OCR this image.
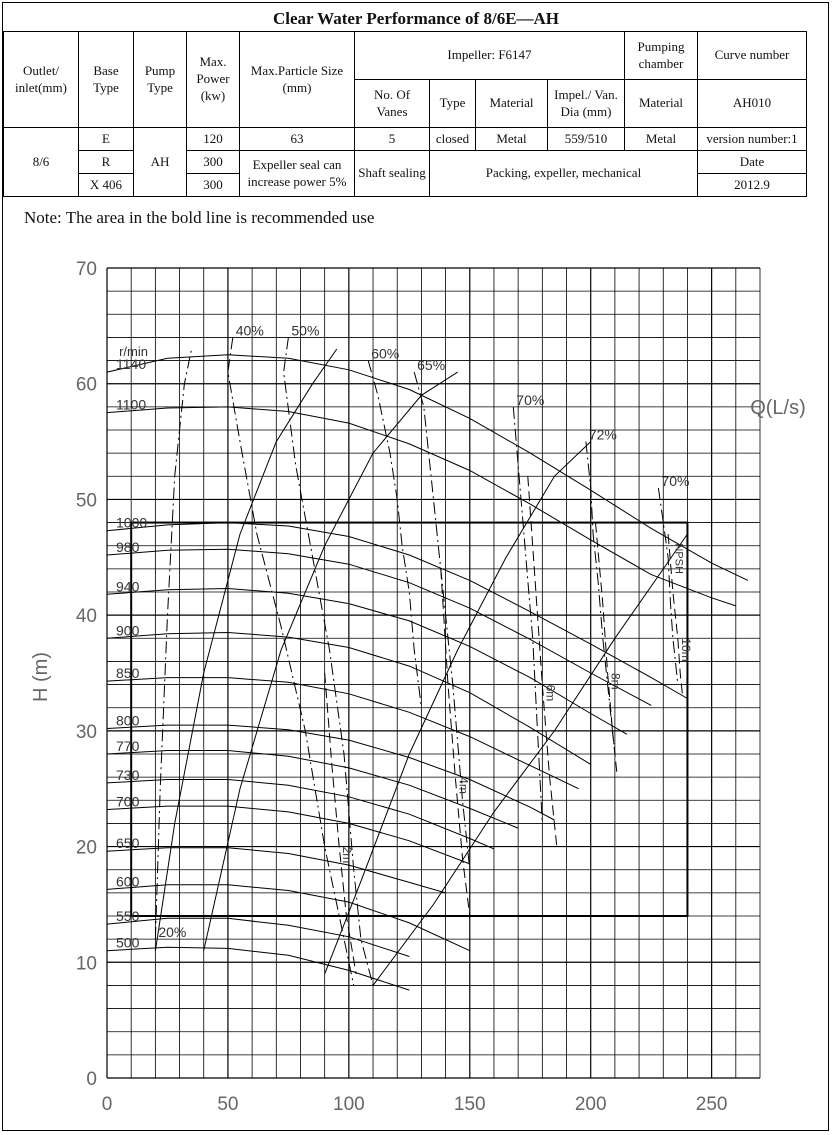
Clear Water Performance of 8/6E—AH
Outlet/ inlet(mm)	Base Type	Pump Type	Max. Power (kw)	Max.Particle Size (mm)	Impeller: F6147				Pumping chamber	Curve number
					No. Of Vanes	Type	Material	Impel./ Van. Dia (mm)	Material	AH010
8/6	E	AH	120	63	5	closed	Metal	559/510	Metal	version number:1
	R		300	Expeller seal can increase power 5%	Shaft sealing	Packing, expeller, mechanical				Date
	X 406		300							2012.9
Note: The area in the bold line is recommended use
0	50	100	150	200	250
0
10
20
30
40
50
60
70
1140
1100
1000
980
940
900
850
800
770
730
700
650
600
550
500
r/min
20%
40% 50%
60%
65%
70%
72%
70%
2m
4m
6m
8m
10m
NPSH
H (m)
Q(L/s)
